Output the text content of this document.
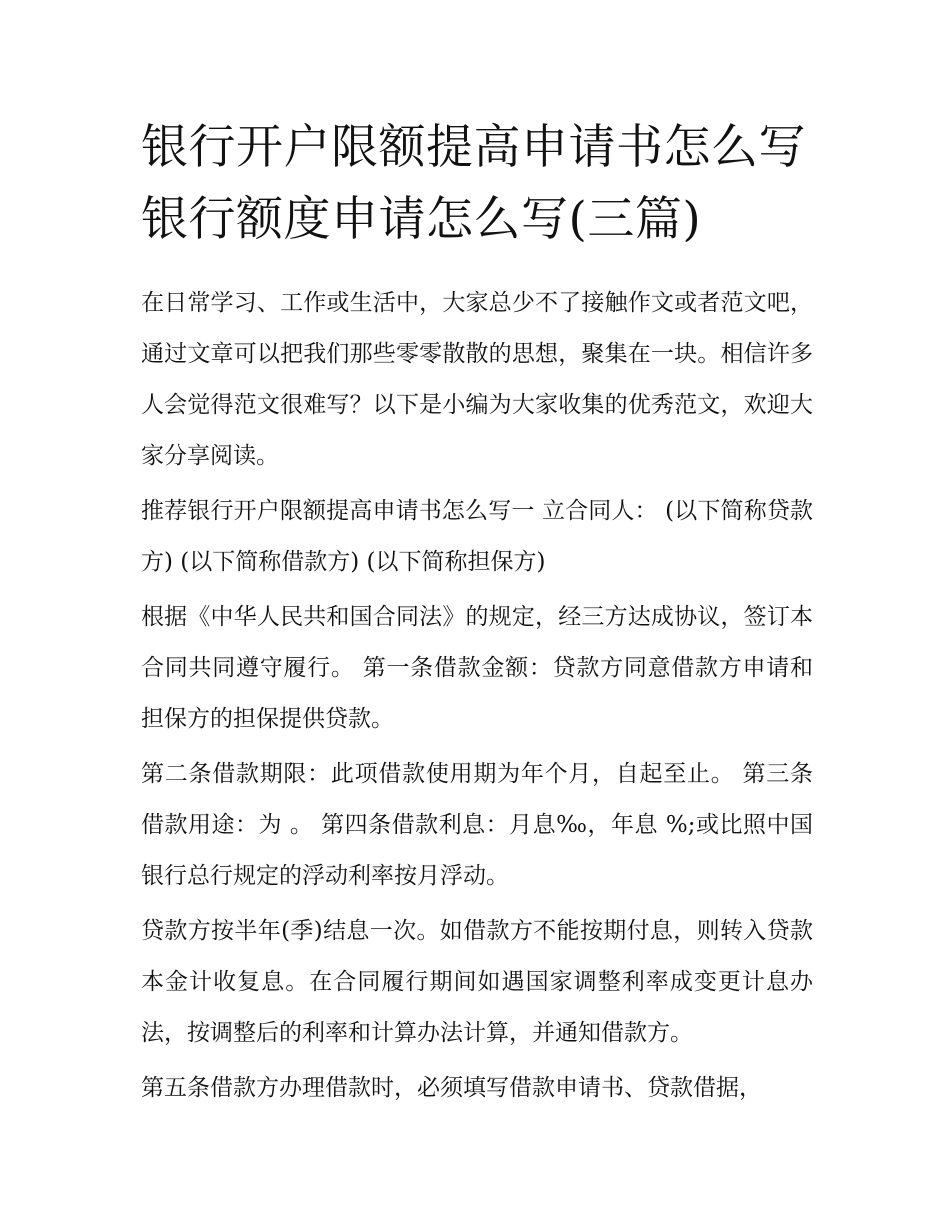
银行开户限额提高申请书怎么写 银行额度申请怎么写(三篇)

在日常学习、工作或生活中，大家总少不了接触作文或者范文吧，通过文章可以把我们那些零零散散的思想，聚集在一块。相信许多人会觉得范文很难写？以下是小编为大家收集的优秀范文，欢迎大家分享阅读。

推荐银行开户限额提高申请书怎么写一 立合同人： (以下简称贷款方) (以下简称借款方) (以下简称担保方)

根据《中华人民共和国合同法》的规定，经三方达成协议，签订本合同共同遵守履行。 第一条借款金额：贷款方同意借款方申请和担保方的担保提供贷款。

第二条借款期限：此项借款使用期为年个月，自起至止。 第三条借款用途：为 。 第四条借款利息：月息‰，年息 %;或比照中国银行总行规定的浮动利率按月浮动。

贷款方按半年(季)结息一次。如借款方不能按期付息，则转入贷款本金计收复息。在合同履行期间如遇国家调整利率成变更计息办法，按调整后的利率和计算办法计算，并通知借款方。

第五条借款方办理借款时，必须填写借款申请书、贷款借据，
